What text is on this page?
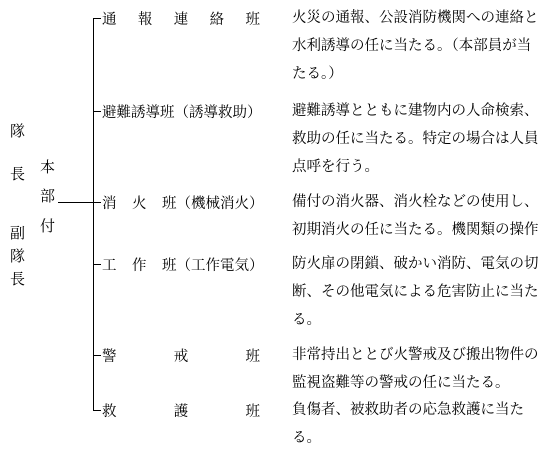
隊
長
副
隊
長
本
部
付
通 報 連 絡 班 火災の通報、公設消防機関への連絡と
水利誘導の任に当たる。（本部員が当
たる。）
避難誘導班（誘導救助） 避難誘導とともに建物内の人命検索、
救助の任に当たる。特定の場合は人員
点呼を行う。
消 火 班（機械消火） 備付の消火器、消火栓などの使用し、
初期消火の任に当たる。機関類の操作
工 作 班（工作電気） 防火扉の閉鎖、破かい消防、電気の切
断、その他電気による危害防止に当た
る。
警	戒	班 非常持出ととび火警戒及び搬出物件の
監視盗難等の警戒の任に当たる。
救	護	班 負傷者、被救助者の応急救護に当た
る。
